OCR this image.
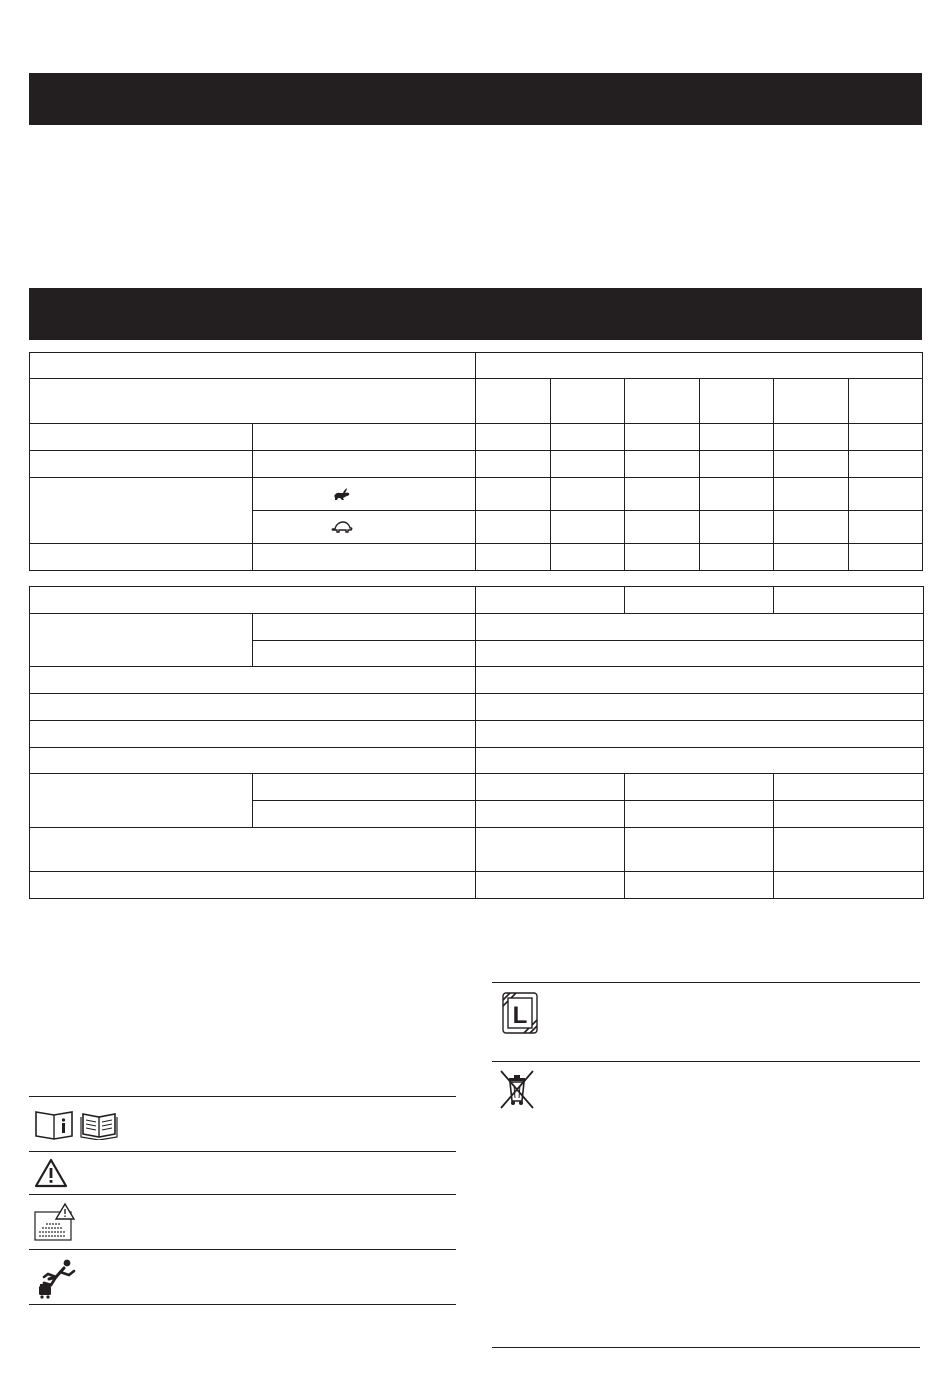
i
L
